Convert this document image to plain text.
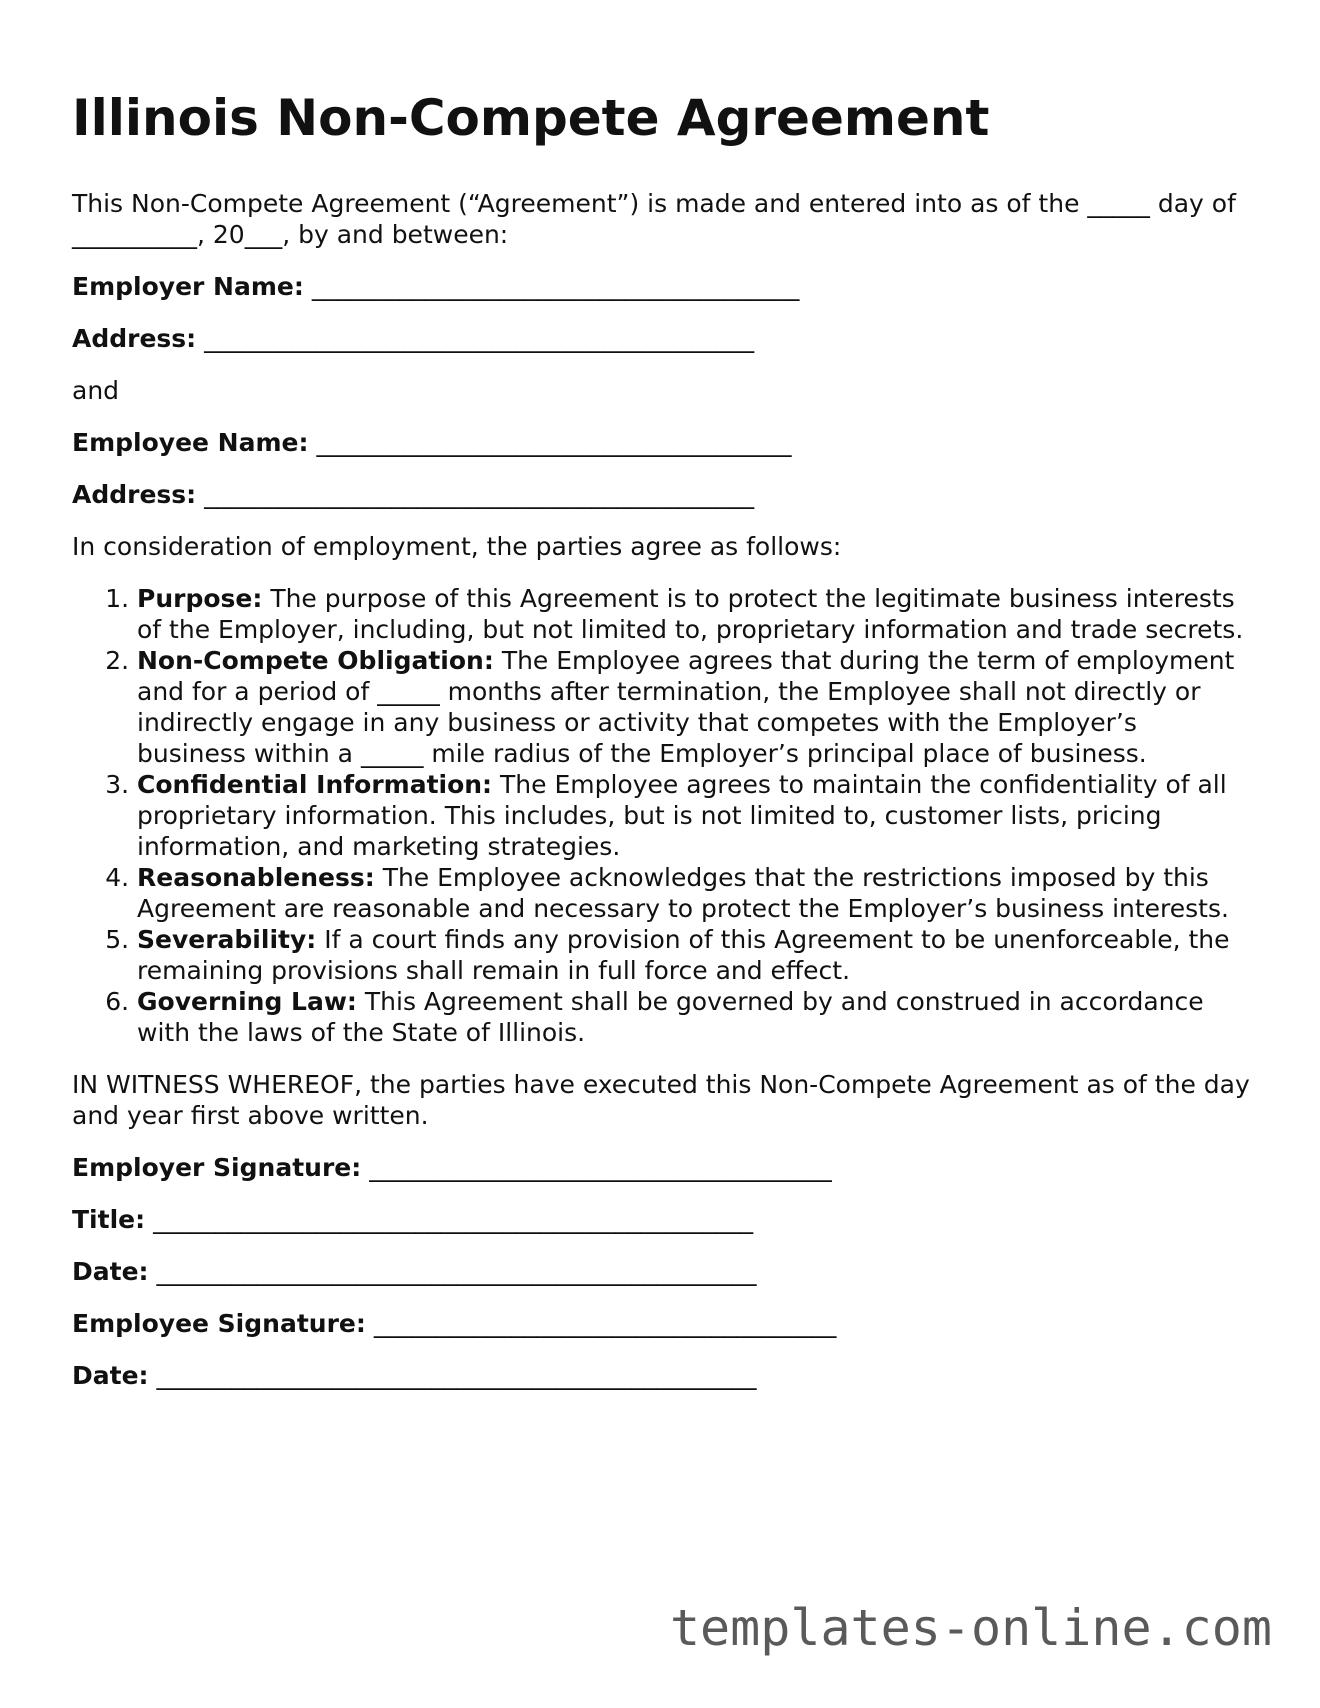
Illinois Non-Compete Agreement

This Non-Compete Agreement (“Agreement”) is made and entered into as of the _____ day of __________, 20___, by and between:

Employer Name: _______________________________________

Address: ____________________________________________

and

Employee Name: ______________________________________

Address: ____________________________________________

In consideration of employment, the parties agree as follows:

1. Purpose: The purpose of this Agreement is to protect the legitimate business interests of the Employer, including, but not limited to, proprietary information and trade secrets.
2. Non-Compete Obligation: The Employee agrees that during the term of employment and for a period of _____ months after termination, the Employee shall not directly or indirectly engage in any business or activity that competes with the Employer’s business within a _____ mile radius of the Employer’s principal place of business.
3. Confidential Information: The Employee agrees to maintain the confidentiality of all proprietary information. This includes, but is not limited to, customer lists, pricing information, and marketing strategies.
4. Reasonableness: The Employee acknowledges that the restrictions imposed by this Agreement are reasonable and necessary to protect the Employer’s business interests.
5. Severability: If a court finds any provision of this Agreement to be unenforceable, the remaining provisions shall remain in full force and effect.
6. Governing Law: This Agreement shall be governed by and construed in accordance with the laws of the State of Illinois.

IN WITNESS WHEREOF, the parties have executed this Non-Compete Agreement as of the day and year first above written.

Employer Signature: _____________________________________

Title: ________________________________________________

Date: ________________________________________________

Employee Signature: _____________________________________

Date: ________________________________________________

templates-online.com
